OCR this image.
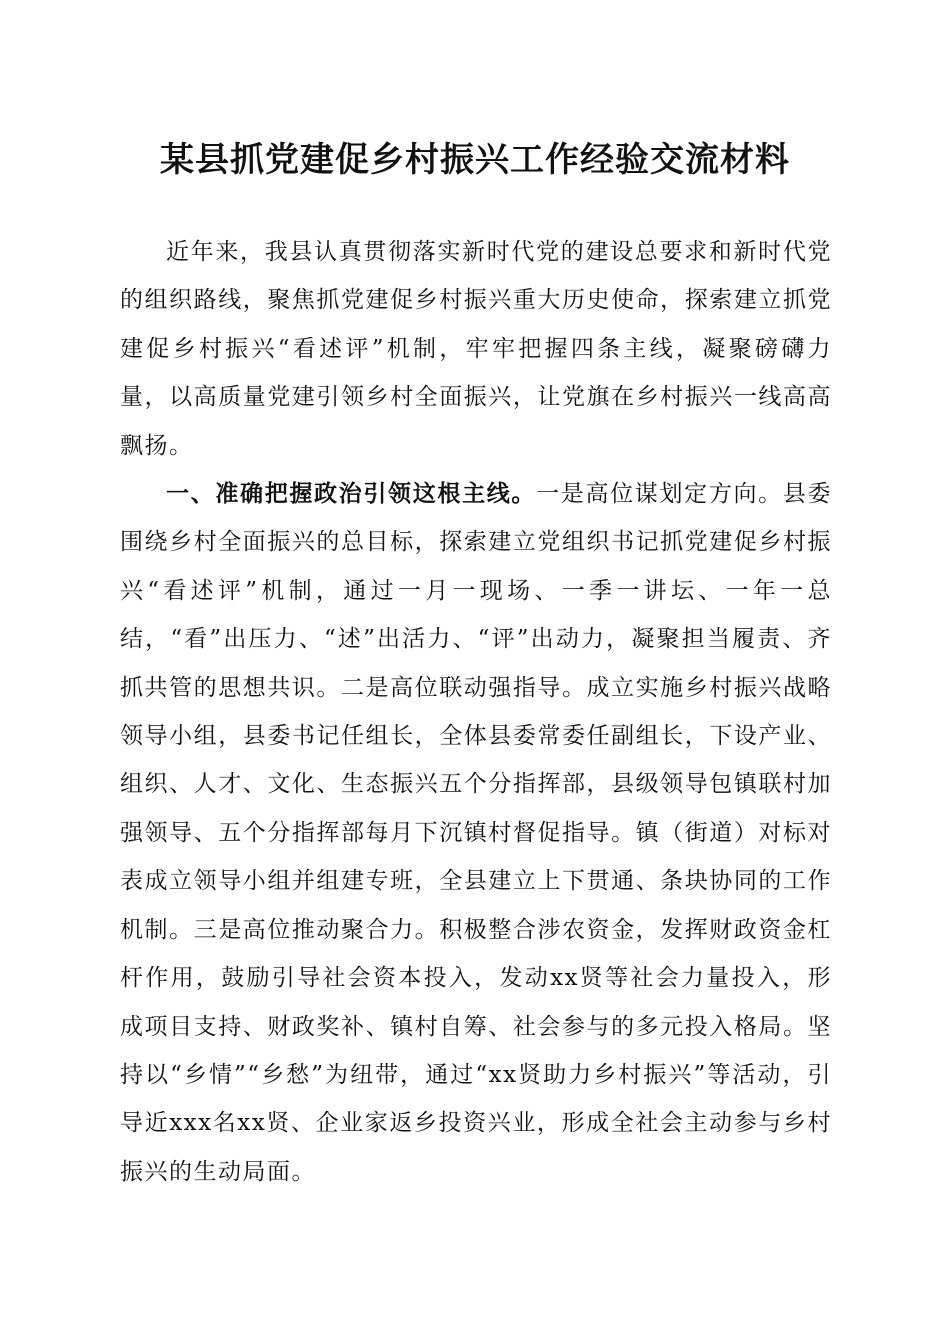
某县抓党建促乡村振兴工作经验交流材料

近年来，我县认真贯彻落实新时代党的建设总要求和新时代党的组织路线，聚焦抓党建促乡村振兴重大历史使命，探索建立抓党建促乡村振兴“看述评”机制，牢牢把握四条主线，凝聚磅礴力量，以高质量党建引领乡村全面振兴，让党旗在乡村振兴一线高高飘扬。

一、准确把握政治引领这根主线。一是高位谋划定方向。县委围绕乡村全面振兴的总目标，探索建立党组织书记抓党建促乡村振兴“看述评”机制，通过一月一现场、一季一讲坛、一年一总结，“看”出压力、“述”出活力、“评”出动力，凝聚担当履责、齐抓共管的思想共识。二是高位联动强指导。成立实施乡村振兴战略领导小组，县委书记任组长，全体县委常委任副组长，下设产业、组织、人才、文化、生态振兴五个分指挥部，县级领导包镇联村加强领导、五个分指挥部每月下沉镇村督促指导。镇（街道）对标对表成立领导小组并组建专班，全县建立上下贯通、条块协同的工作机制。三是高位推动聚合力。积极整合涉农资金，发挥财政资金杠杆作用，鼓励引导社会资本投入，发动xx贤等社会力量投入，形成项目支持、财政奖补、镇村自筹、社会参与的多元投入格局。坚持以“乡情”“乡愁”为纽带，通过“xx贤助力乡村振兴”等活动，引导近xxx名xx贤、企业家返乡投资兴业，形成全社会主动参与乡村振兴的生动局面。
